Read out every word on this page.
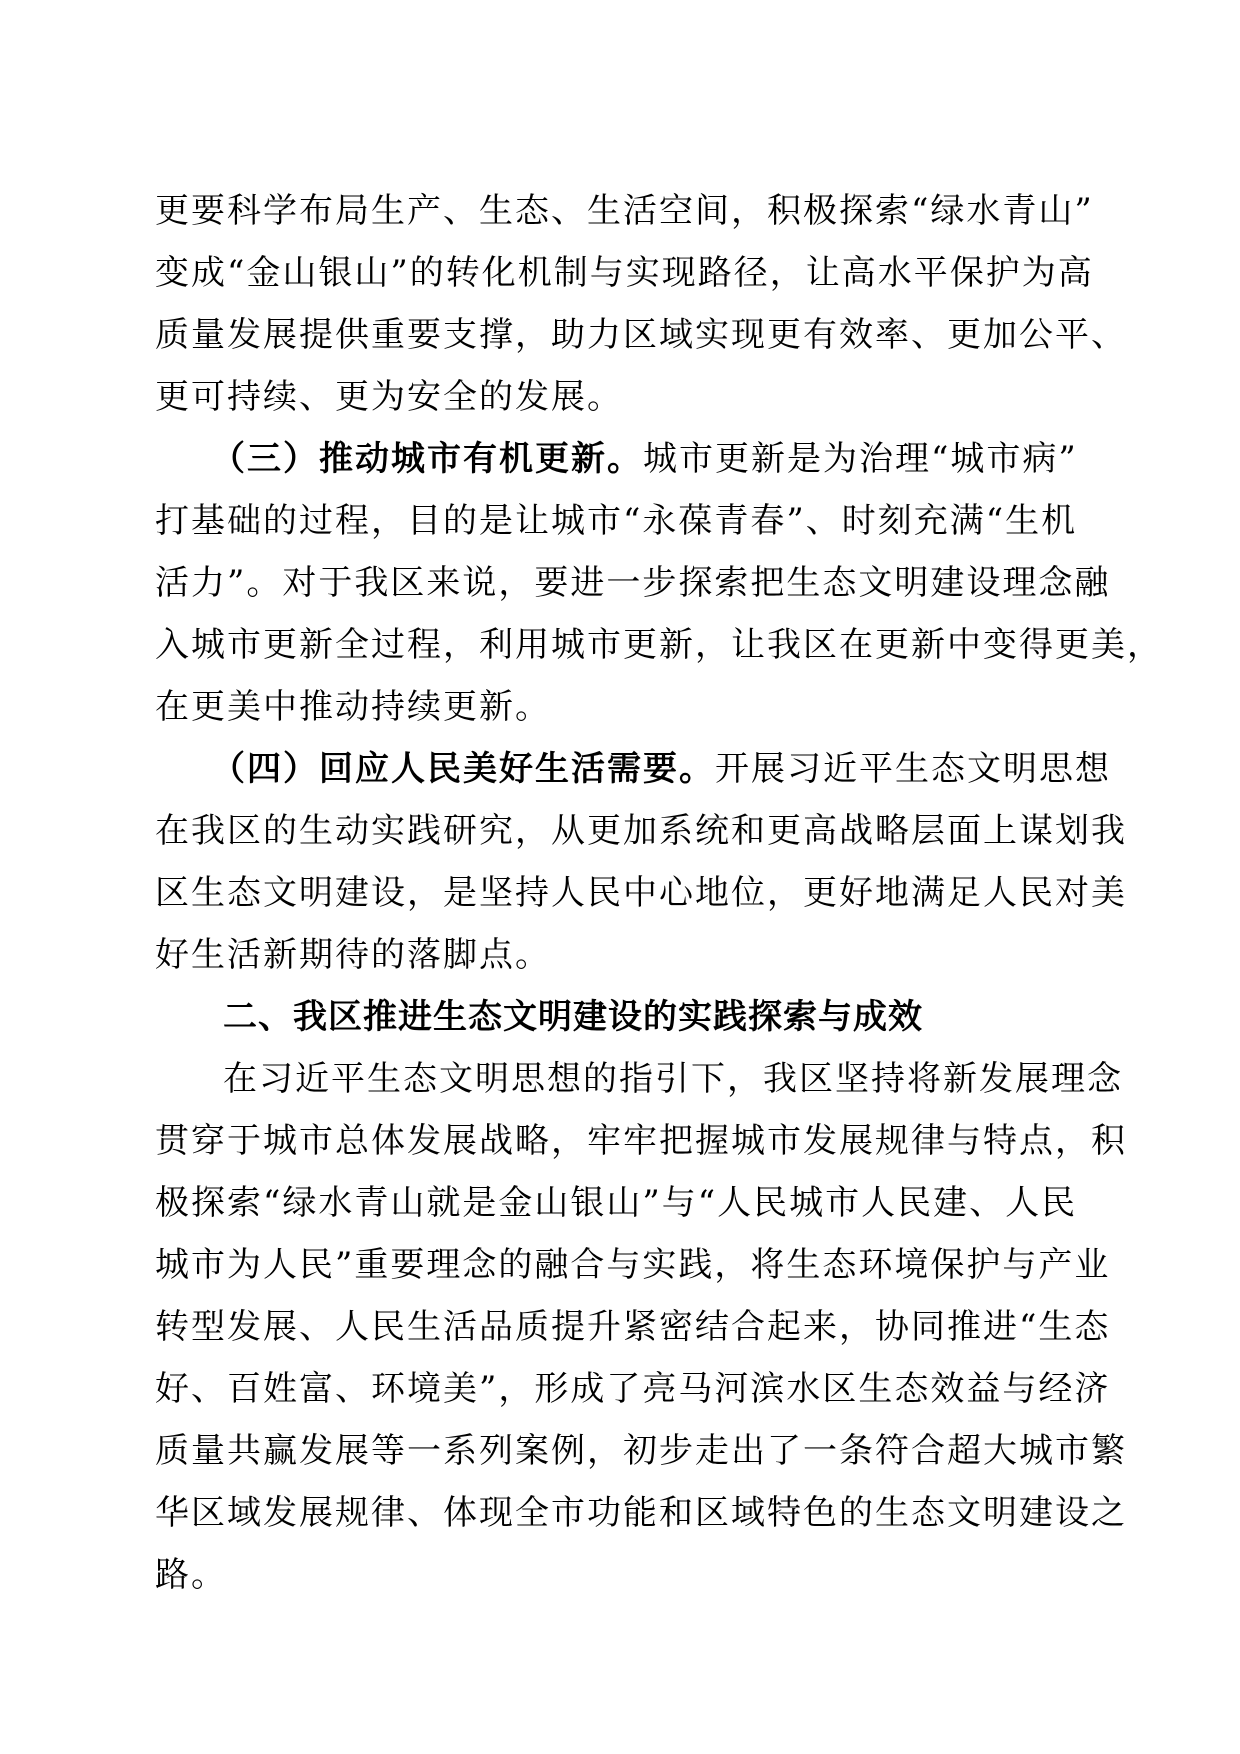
更要科学布局生产、生态、生活空间，积极探索“绿水青山”
变成“金山银山”的转化机制与实现路径，让高水平保护为高
质量发展提供重要支撑，助力区域实现更有效率、更加公平、
更可持续、更为安全的发展。
（三）推动城市有机更新。城市更新是为治理“城市病”
打基础的过程，目的是让城市“永葆青春”、时刻充满“生机
活力”。对于我区来说，要进一步探索把生态文明建设理念融
入城市更新全过程，利用城市更新，让我区在更新中变得更美，
在更美中推动持续更新。
（四）回应人民美好生活需要。开展习近平生态文明思想
在我区的生动实践研究，从更加系统和更高战略层面上谋划我
区生态文明建设，是坚持人民中心地位，更好地满足人民对美
好生活新期待的落脚点。
二、我区推进生态文明建设的实践探索与成效
在习近平生态文明思想的指引下，我区坚持将新发展理念
贯穿于城市总体发展战略，牢牢把握城市发展规律与特点，积
极探索“绿水青山就是金山银山”与“人民城市人民建、人民
城市为人民”重要理念的融合与实践，将生态环境保护与产业
转型发展、人民生活品质提升紧密结合起来，协同推进“生态
好、百姓富、环境美”，形成了亮马河滨水区生态效益与经济
质量共赢发展等一系列案例，初步走出了一条符合超大城市繁
华区域发展规律、体现全市功能和区域特色的生态文明建设之
路。
